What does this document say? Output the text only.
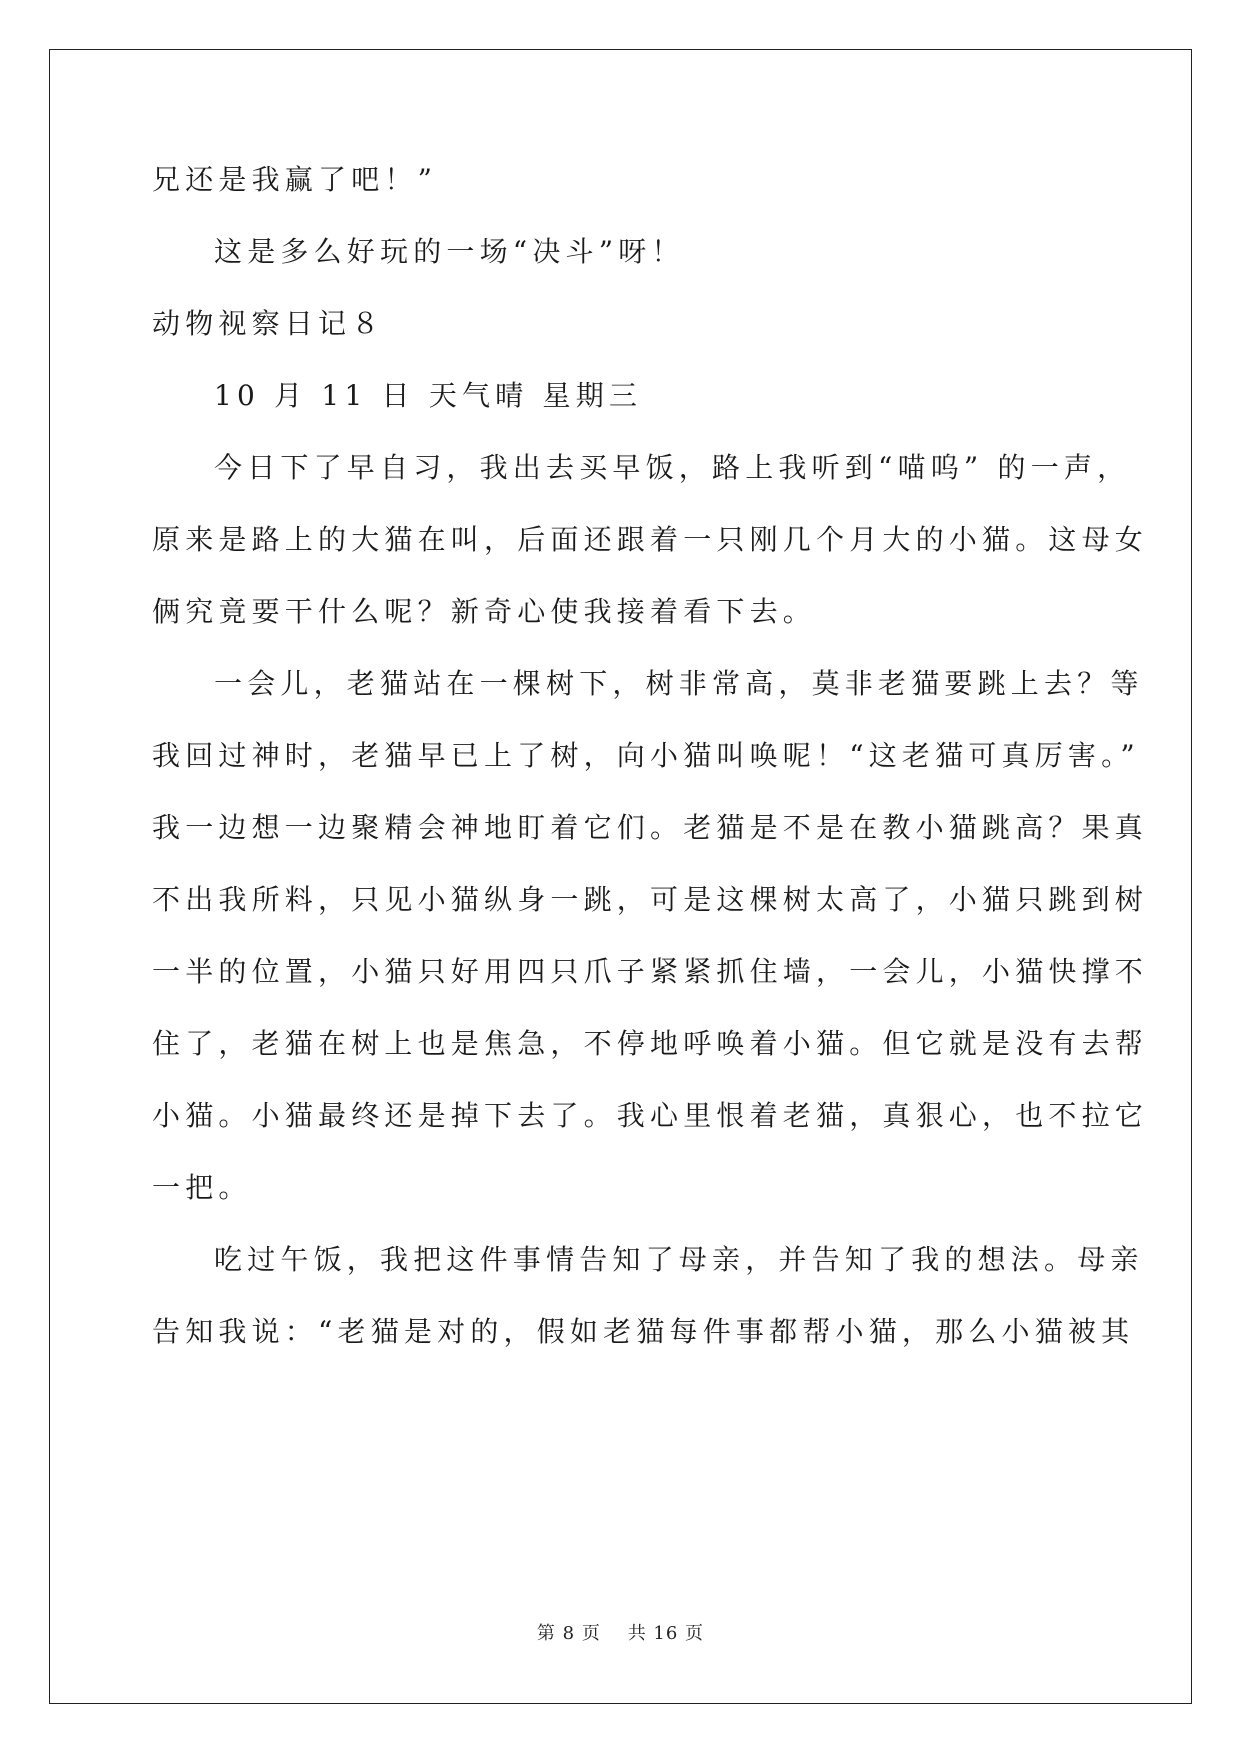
兄还是我赢了吧！”
这是多么好玩的一场“决斗”呀！
动物视察日记８
10 月 11 日 天气晴 星期三
今日下了早自习，我出去买早饭，路上我听到“喵呜” 的一声，
原来是路上的大猫在叫，后面还跟着一只刚几个月大的小猫。这母女
俩究竟要干什么呢？新奇心使我接着看下去。
一会儿，老猫站在一棵树下，树非常高，莫非老猫要跳上去？等
我回过神时，老猫早已上了树，向小猫叫唤呢！“这老猫可真厉害。”
我一边想一边聚精会神地盯着它们。老猫是不是在教小猫跳高？果真
不出我所料，只见小猫纵身一跳，可是这棵树太高了，小猫只跳到树
一半的位置，小猫只好用四只爪子紧紧抓住墙，一会儿，小猫快撑不
住了，老猫在树上也是焦急，不停地呼唤着小猫。但它就是没有去帮
小猫。小猫最终还是掉下去了。我心里恨着老猫，真狠心，也不拉它
一把。
吃过午饭，我把这件事情告知了母亲，并告知了我的想法。母亲
告知我说：“老猫是对的，假如老猫每件事都帮小猫，那么小猫被其
第 8 页    共 16 页
